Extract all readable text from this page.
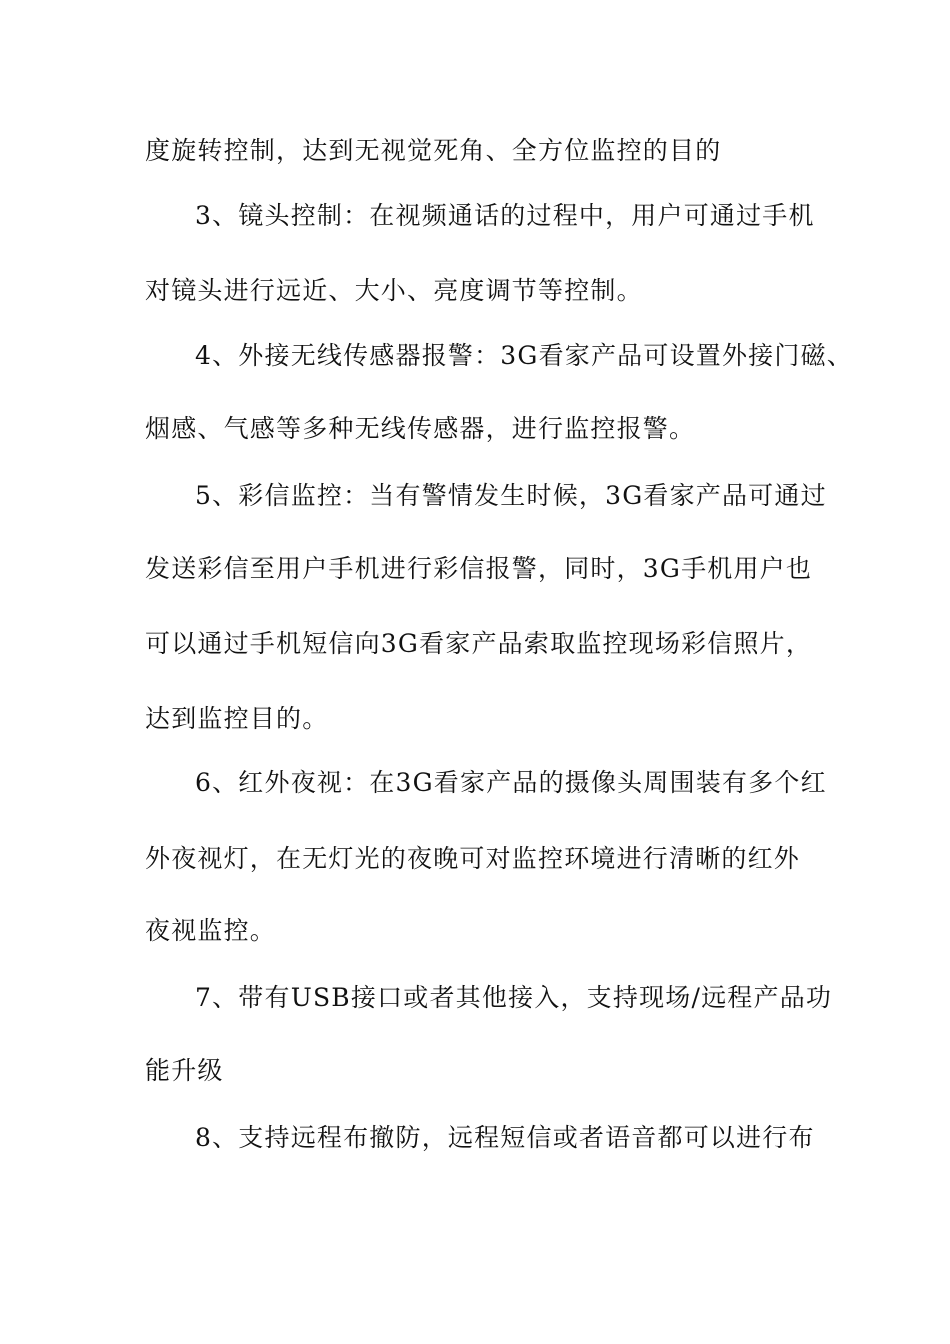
度旋转控制，达到无视觉死角、全方位监控的目的
3、镜头控制：在视频通话的过程中，用户可通过手机
对镜头进行远近、大小、亮度调节等控制。
4、外接无线传感器报警：3G看家产品可设置外接门磁、
烟感、气感等多种无线传感器，进行监控报警。
5、彩信监控：当有警情发生时候，3G看家产品可通过
发送彩信至用户手机进行彩信报警，同时，3G手机用户也
可以通过手机短信向3G看家产品索取监控现场彩信照片，
达到监控目的。
6、红外夜视：在3G看家产品的摄像头周围装有多个红
外夜视灯，在无灯光的夜晚可对监控环境进行清晰的红外
夜视监控。
7、带有USB接口或者其他接入，支持现场/远程产品功
能升级
8、支持远程布撤防，远程短信或者语音都可以进行布
